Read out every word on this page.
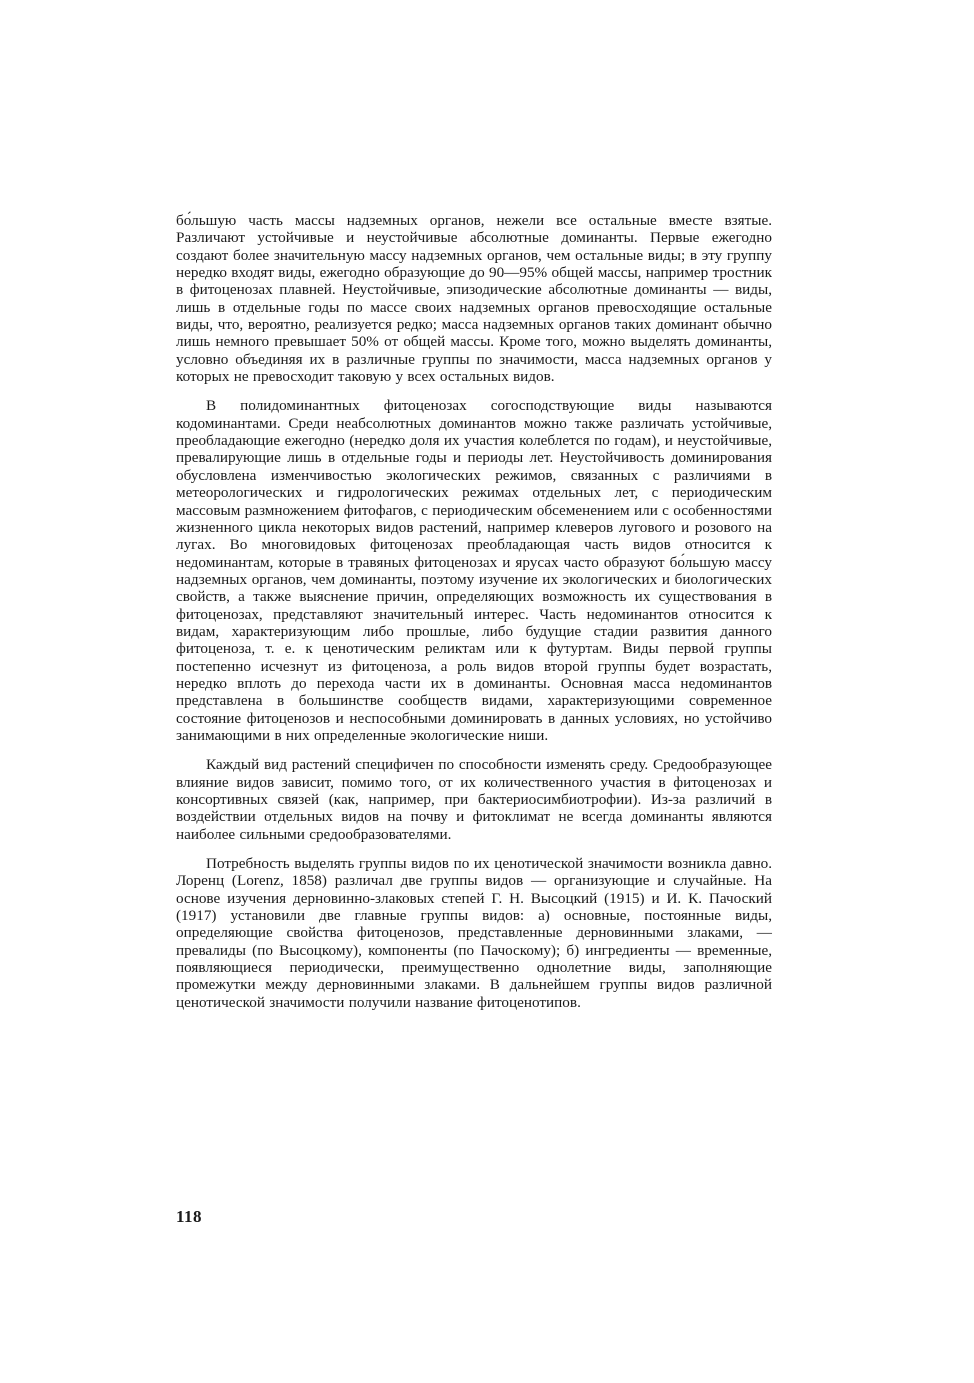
бо́льшую часть массы надземных органов, нежели все остальные вместе взятые. Различают устойчивые и неустойчивые абсолютные доминанты. Первые ежегодно создают более значительную массу надземных органов, чем остальные виды; в эту группу нередко входят виды, ежегодно образующие до 90—95% общей массы, например тростник в фитоценозах плавней. Неустойчивые, эпизодические абсолютные доминанты — виды, лишь в отдельные годы по массе своих надземных органов превосходящие остальные виды, что, вероятно, реализуется редко; масса надземных органов таких доминант обычно лишь немного превышает 50% от общей массы. Кроме того, можно выделять доминанты, условно объединяя их в различные группы по значимости, масса надземных органов у которых не превосходит таковую у всех остальных видов.

В полидоминантных фитоценозах согосподствующие виды называются кодоминантами. Среди неабсолютных доминантов можно также различать устойчивые, преобладающие ежегодно (нередко доля их участия колеблется по годам), и неустойчивые, превалирующие лишь в отдельные годы и периоды лет. Неустойчивость доминирования обусловлена изменчивостью экологических режимов, связанных с различиями в метеорологических и гидрологических режимах отдельных лет, с периодическим массовым размножением фитофагов, с периодическим обсеменением или с особенностями жизненного цикла некоторых видов растений, например клеверов лугового и розового на лугах. Во многовидовых фитоценозах преобладающая часть видов относится к недоминантам, которые в травяных фитоценозах и ярусах часто образуют бо́льшую массу надземных органов, чем доминанты, поэтому изучение их экологических и биологических свойств, а также выяснение причин, определяющих возможность их существования в фитоценозах, представляют значительный интерес. Часть недоминантов относится к видам, характеризующим либо прошлые, либо будущие стадии развития данного фитоценоза, т. е. к ценотическим реликтам или к футуртам. Виды первой группы постепенно исчезнут из фитоценоза, а роль видов второй группы будет возрастать, нередко вплоть до перехода части их в доминанты. Основная масса недоминантов представлена в большинстве сообществ видами, характеризующими современное состояние фитоценозов и неспособными доминировать в данных условиях, но устойчиво занимающими в них определенные экологические ниши.

Каждый вид растений специфичен по способности изменять среду. Средообразующее влияние видов зависит, помимо того, от их количественного участия в фитоценозах и консортивных связей (как, например, при бактериосимбиотрофии). Из-за различий в воздействии отдельных видов на почву и фитоклимат не всегда доминанты являются наиболее сильными средообразователями.

Потребность выделять группы видов по их ценотической значимости возникла давно. Лоренц (Lorenz, 1858) различал две группы видов — организующие и случайные. На основе изучения дерновинно-злаковых степей Г. Н. Высоцкий (1915) и И. К. Пачоский (1917) установили две главные группы видов: а) основные, постоянные виды, определяющие свойства фитоценозов, представленные дерновинными злаками, — превалиды (по Высоцкому), компоненты (по Пачоскому); б) ингредиенты — временные, появляющиеся периодически, преимущественно однолетние виды, заполняющие промежутки между дерновинными злаками. В дальнейшем группы видов различной ценотической значимости получили название фитоценотипов.

118
